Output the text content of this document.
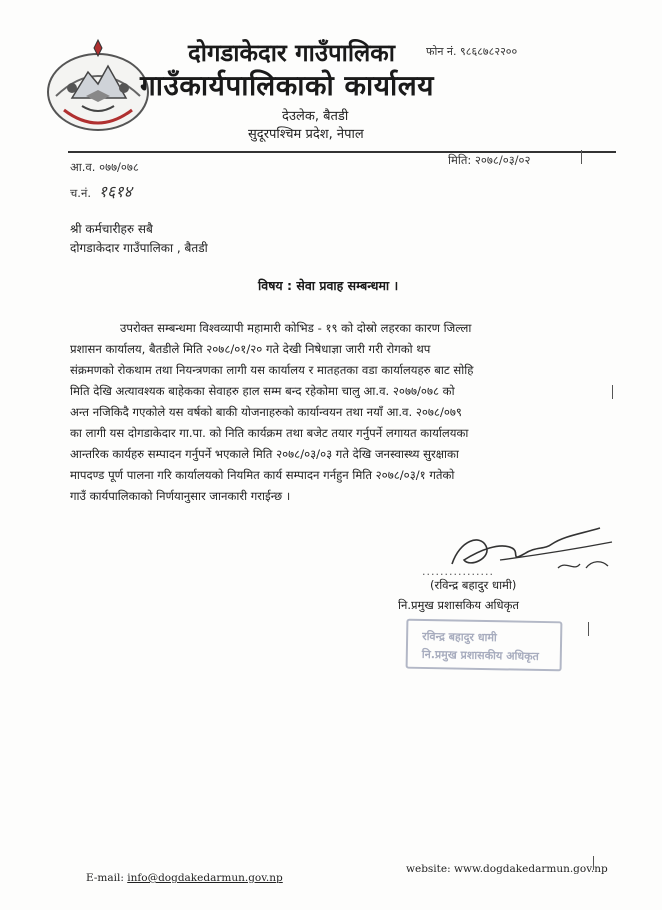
दोगडाकेदार गाउँपालिका	फोन नं. ९८६८७८२२००
गाउँकार्यपालिकाको कार्यालय
देउलेक, बैतडी
सुदूरपश्चिम प्रदेश, नेपाल
आ.व. ०७७/०७८	मिति: २०७८/०३/०२
च.नं. १६१४
श्री कर्मचारीहरु सबै
दोगडाकेदार गाउँपालिका , बैतडी
विषय : सेवा प्रवाह सम्बन्धमा ।
उपरोक्त सम्बन्धमा विश्वव्यापी महामारी कोभिड - १९ को दोस्रो लहरका कारण जिल्ला
प्रशासन कार्यालय, बैतडीले मिति २०७८/०१/२० गते देखी निषेधाज्ञा जारी गरी रोगको थप
संक्रमणको रोकथाम तथा नियन्त्रणका लागी यस कार्यालय र मातहतका वडा कार्यालयहरु बाट सोहि
मिति देखि अत्यावश्यक बाहेकका सेवाहरु हाल सम्म बन्द रहेकोमा चालु आ.व. २०७७/०७८ को
अन्त नजिकिदै गएकोले यस वर्षको बाकी योजनाहरुको कार्यान्वयन तथा नयाँ आ.व. २०७८/०७९
का लागी यस दोगडाकेदार गा.पा. को निति कार्यक्रम तथा बजेट तयार गर्नुपर्ने लगायत कार्यालयका
आन्तरिक कार्यहरु सम्पादन गर्नुपर्ने भएकाले मिति २०७८/०३/०३ गते देखि जनस्वास्थ्य सुरक्षाका
मापदण्ड पूर्ण पालना गरि कार्यालयको नियमित कार्य सम्पादन गर्नहुन मिति २०७८/०३/१ गतेको
गाउँ कार्यपालिकाको निर्णयानुसार जानकारी गराईन्छ ।
................
(रविन्द्र बहादुर धामी)
नि.प्रमुख प्रशासकिय अधिकृत
रविन्द्र बहादुर धामी
नि.प्रमुख प्रशासकीय अधिकृत
E-mail: info@dogdakedarmun.gov.np
website: www.dogdakedarmun.gov.np
